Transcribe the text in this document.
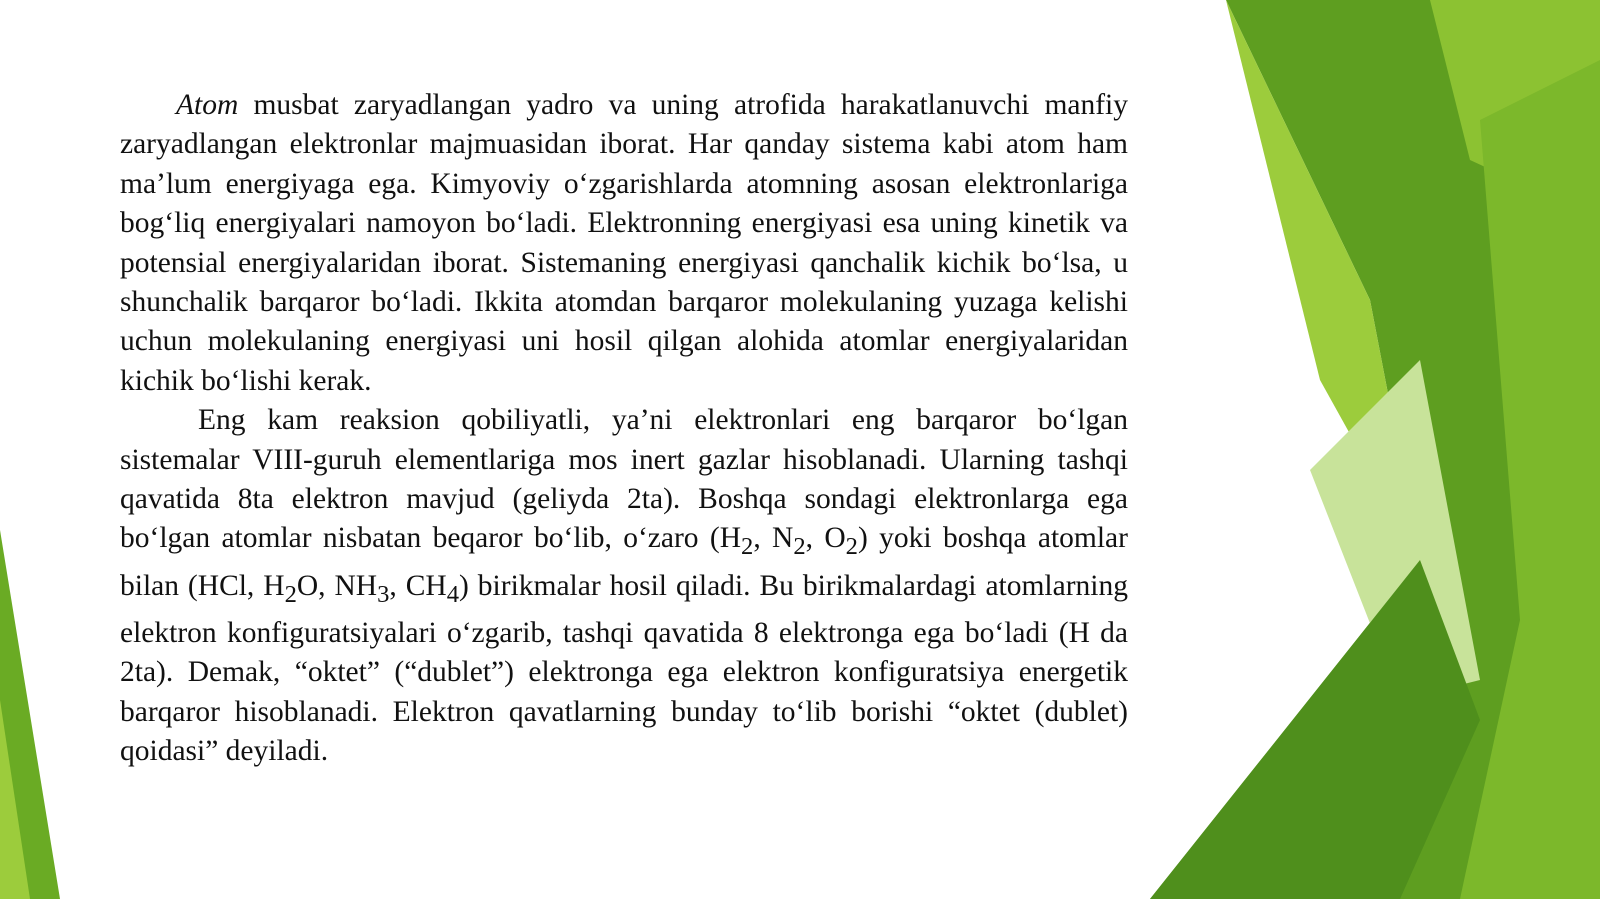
Atom musbat zaryadlangan yadro va uning atrofida harakatlanuvchi manfiy zaryadlangan elektronlar majmuasidan iborat. Har qanday sistema kabi atom ham ma’lum energiyaga ega. Kimyoviy o‘zgarishlarda atomning asosan elektronlariga bog‘liq energiyalari namoyon bo‘ladi. Elektronning energiyasi esa uning kinetik va potensial energiyalaridan iborat. Sistemaning energiyasi qanchalik kichik bo‘lsa, u shunchalik barqaror bo‘ladi. Ikkita atomdan barqaror molekulaning yuzaga kelishi uchun molekulaning energiyasi uni hosil qilgan alohida atomlar energiyalaridan kichik bo‘lishi kerak.

Eng kam reaksion qobiliyatli, ya’ni elektronlari eng barqaror bo‘lgan sistemalar VIII-guruh elementlariga mos inert gazlar hisoblanadi. Ularning tashqi qavatida 8ta elektron mavjud (geliyda 2ta). Boshqa sondagi elektronlarga ega bo‘lgan atomlar nisbatan beqaror bo‘lib, o‘zaro ($H_2$, $N_2$, $O_2$) yoki boshqa atomlar bilan (HCl, $H_2O$, $NH_3$, $CH_4$) birikmalar hosil qiladi. Bu birikmalardagi atomlarning elektron konfiguratsiyalari o‘zgarib, tashqi qavatida 8 elektronga ega bo‘ladi (H da 2ta). Demak, “oktet” (“dublet”) elektronga ega elektron konfiguratsiya energetik barqaror hisoblanadi. Elektron qavatlarning bunday to‘lib borishi “oktet (dublet) qoidasi” deyiladi.
